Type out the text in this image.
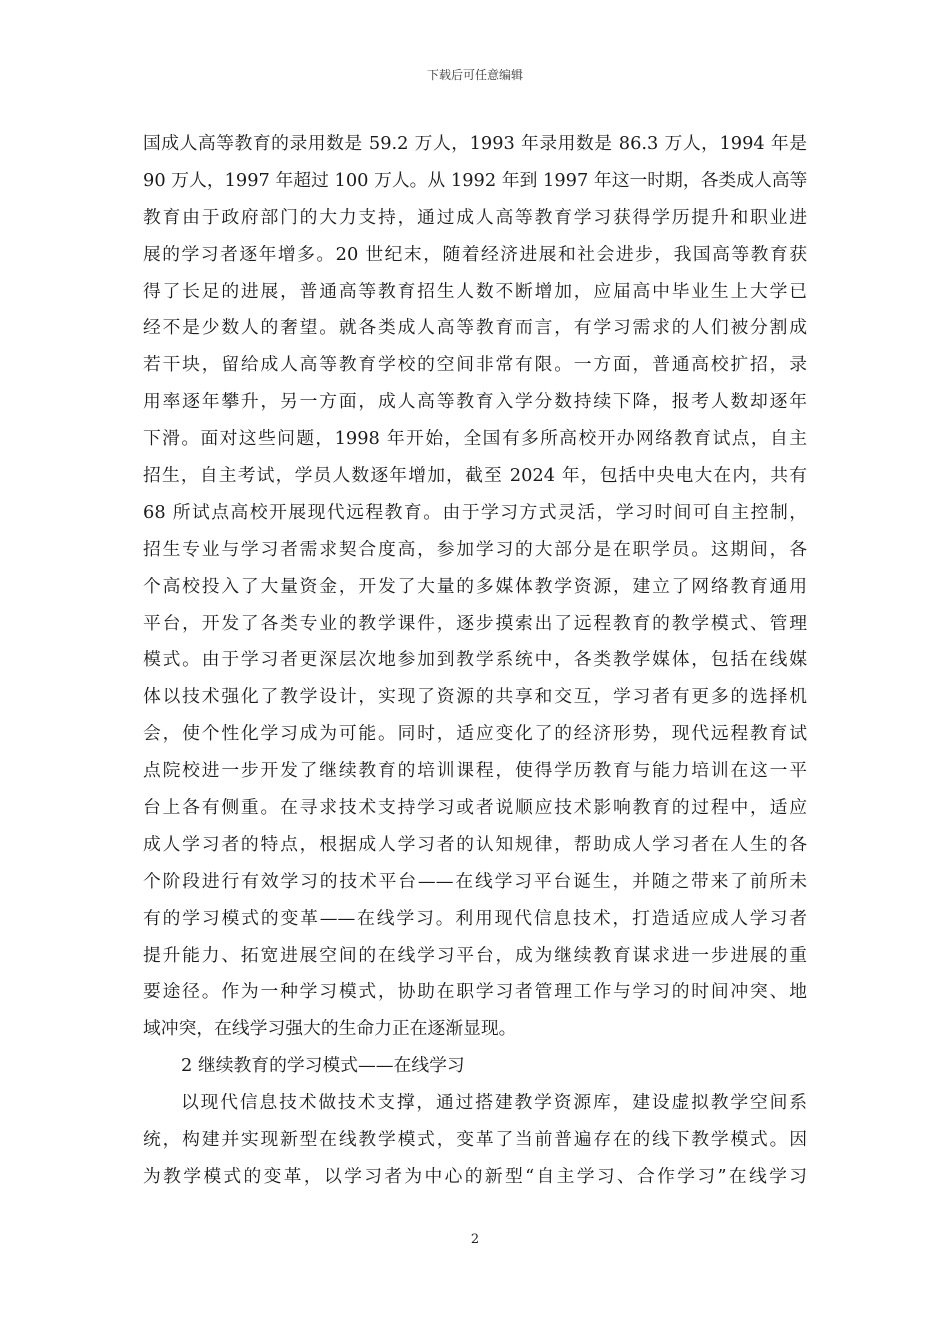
下载后可任意编辑
国成人高等教育的录用数是 59.2 万人，1993 年录用数是 86.3 万人，1994 年是
90 万人，1997 年超过 100 万人。从 1992 年到 1997 年这一时期，各类成人高等
教育由于政府部门的大力支持，通过成人高等教育学习获得学历提升和职业进
展的学习者逐年增多。20 世纪末，随着经济进展和社会进步，我国高等教育获
得了长足的进展，普通高等教育招生人数不断增加，应届高中毕业生上大学已
经不是少数人的奢望。就各类成人高等教育而言，有学习需求的人们被分割成
若干块，留给成人高等教育学校的空间非常有限。一方面，普通高校扩招，录
用率逐年攀升，另一方面，成人高等教育入学分数持续下降，报考人数却逐年
下滑。面对这些问题，1998 年开始，全国有多所高校开办网络教育试点，自主
招生，自主考试，学员人数逐年增加，截至 2024 年，包括中央电大在内，共有
68 所试点高校开展现代远程教育。由于学习方式灵活，学习时间可自主控制，
招生专业与学习者需求契合度高，参加学习的大部分是在职学员。这期间，各
个高校投入了大量资金，开发了大量的多媒体教学资源，建立了网络教育通用
平台，开发了各类专业的教学课件，逐步摸索出了远程教育的教学模式、管理
模式。由于学习者更深层次地参加到教学系统中，各类教学媒体，包括在线媒
体以技术强化了教学设计，实现了资源的共享和交互，学习者有更多的选择机
会，使个性化学习成为可能。同时，适应变化了的经济形势，现代远程教育试
点院校进一步开发了继续教育的培训课程，使得学历教育与能力培训在这一平
台上各有侧重。在寻求技术支持学习或者说顺应技术影响教育的过程中，适应
成人学习者的特点，根据成人学习者的认知规律，帮助成人学习者在人生的各
个阶段进行有效学习的技术平台——在线学习平台诞生，并随之带来了前所未
有的学习模式的变革——在线学习。利用现代信息技术，打造适应成人学习者
提升能力、拓宽进展空间的在线学习平台，成为继续教育谋求进一步进展的重
要途径。作为一种学习模式，协助在职学习者管理工作与学习的时间冲突、地
域冲突，在线学习强大的生命力正在逐渐显现。
2 继续教育的学习模式——在线学习
以现代信息技术做技术支撑，通过搭建教学资源库，建设虚拟教学空间系
统，构建并实现新型在线教学模式，变革了当前普遍存在的线下教学模式。因
为教学模式的变革，以学习者为中心的新型“自主学习、合作学习”在线学习
2
